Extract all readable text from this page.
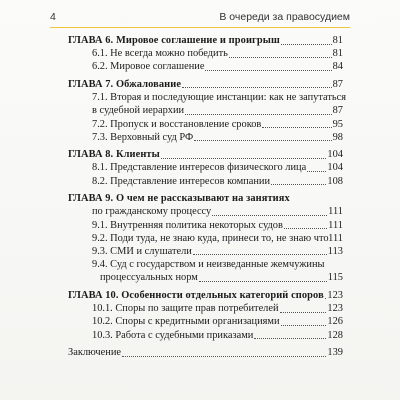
4	В очереди за правосудием
ГЛАВА 6. Мировое соглашение и проигрыш	81
6.1. Не всегда можно победить	81
6.2. Мировое соглашение	84
ГЛАВА 7. Обжалование	87
7.1. Вторая и последующие инстанции: как не запутаться
в судебной иерархии	87
7.2. Пропуск и восстановление сроков	95
7.3. Верховный суд РФ	98
ГЛАВА 8. Клиенты	104
8.1. Представление интересов физического лица 104
8.2. Представление интересов компании	108
ГЛАВА 9. О чем не рассказывают на занятиях
по гражданскому процессу	111
9.1. Внутренняя политика некоторых судов	111
9.2. Поди туда, не знаю куда, принеси то, не знаю что 111
9.3. СМИ и слушатели	113
9.4. Суд с государством и неизведанные жемчужины
процессуальных норм	115
ГЛАВА 10. Особенности отдельных категорий споров 123
10.1. Споры по защите прав потребителей	123
10.2. Споры с кредитными организациями	126
10.3. Работа с судебными приказами	128
Заключение	139
